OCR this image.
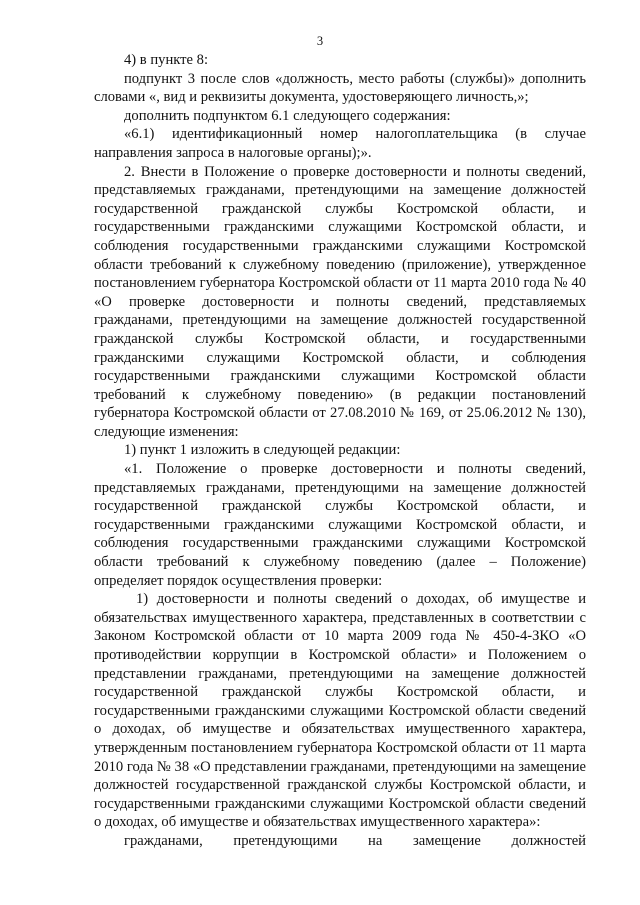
3

4) в пункте 8:

подпункт 3 после слов «должность, место работы (службы)» дополнить словами «, вид и реквизиты документа, удостоверяющего личность,»;

дополнить подпунктом 6.1 следующего содержания:

«6.1) идентификационный номер налогоплательщика (в случае направления запроса в налоговые органы);».

2. Внести в Положение о проверке достоверности и полноты сведений, представляемых гражданами, претендующими на замещение должностей государственной гражданской службы Костромской области, и государственными гражданскими служащими Костромской области, и соблюдения государственными гражданскими служащими Костромской области требований к служебному поведению (приложение), утвержденное постановлением губернатора Костромской области от 11 марта 2010 года № 40 «О проверке достоверности и полноты сведений, представляемых гражданами, претендующими на замещение должностей государственной гражданской службы Костромской области, и государственными гражданскими служащими Костромской области, и соблюдения государственными гражданскими служащими Костромской области требований к служебному поведению» (в редакции постановлений губернатора Костромской области от 27.08.2010 № 169, от 25.06.2012 № 130), следующие изменения:

1) пункт 1 изложить в следующей редакции:

«1. Положение о проверке достоверности и полноты сведений, представляемых гражданами, претендующими на замещение должностей государственной гражданской службы Костромской области, и государственными гражданскими служащими Костромской области, и соблюдения государственными гражданскими служащими Костромской области требований к служебному поведению (далее – Положение) определяет порядок осуществления проверки:

1) достоверности и полноты сведений о доходах, об имуществе и обязательствах имущественного характера, представленных в соответствии с Законом Костромской области от 10 марта 2009 года № 450-4-ЗКО «О противодействии коррупции в Костромской области» и Положением о представлении гражданами, претендующими на замещение должностей государственной гражданской службы Костромской области, и государственными гражданскими служащими Костромской области сведений о доходах, об имуществе и обязательствах имущественного характера, утвержденным постановлением губернатора Костромской области от 11 марта 2010 года № 38 «О представлении гражданами, претендующими на замещение должностей государственной гражданской службы Костромской области, и государственными гражданскими служащими Костромской области сведений о доходах, об имуществе и обязательствах имущественного характера»:

гражданами, претендующими на замещение должностей
